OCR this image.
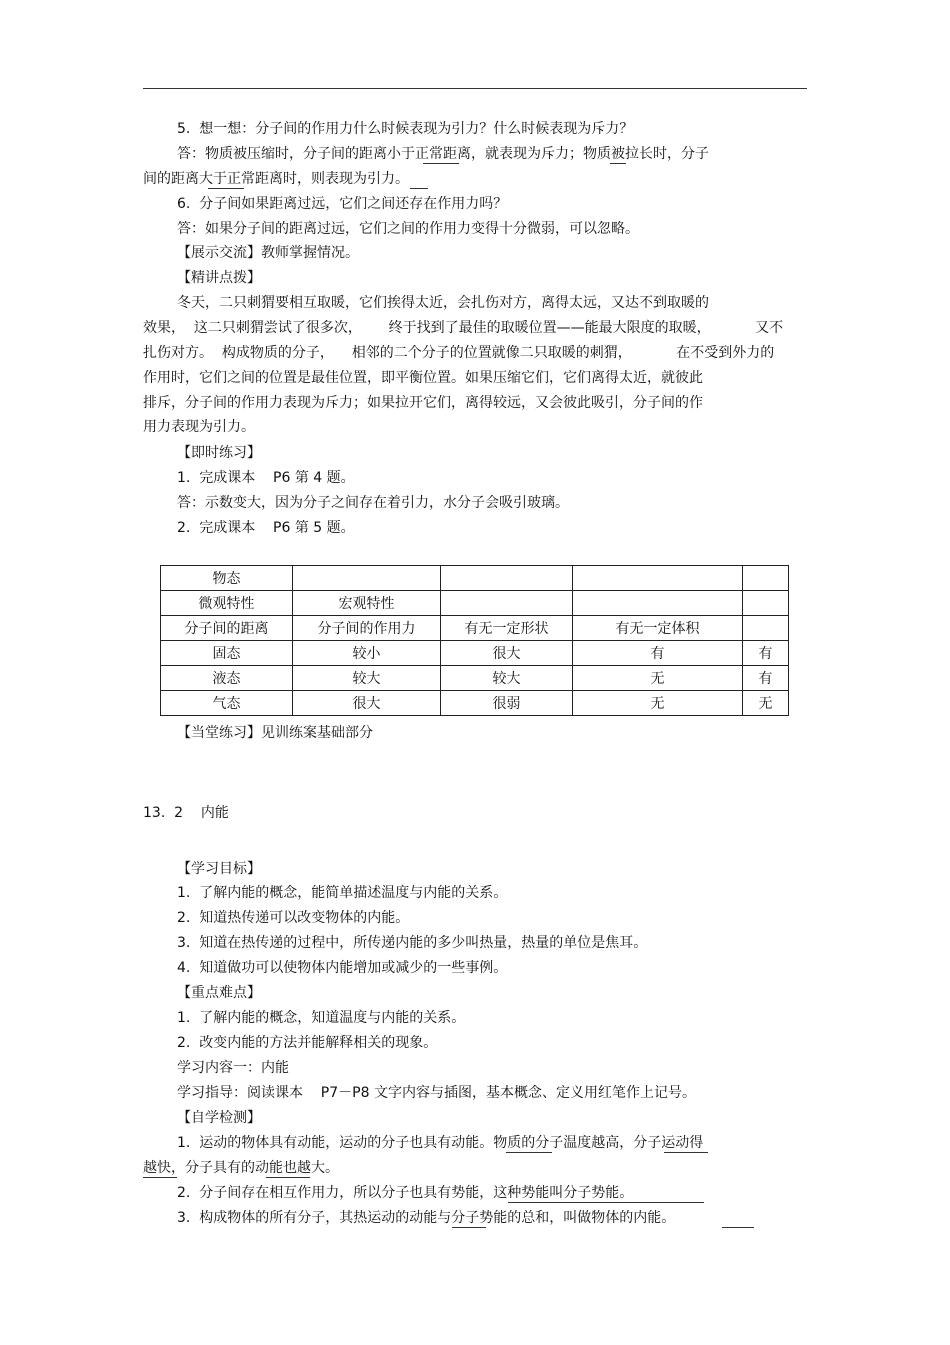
5.  想一想：分子间的作用力什么时候表现为引力？什么时候表现为斥力？
答：物质被压缩时，分子间的距离小于正常距离，就表现为斥力；物质被拉长时，分子
间的距离大于正常距离时，则表现为引力。
6.  分子间如果距离过远，它们之间还存在作用力吗？
答：如果分子间的距离过远，它们之间的作用力变得十分微弱，可以忽略。
【展示交流】教师掌握情况。
【精讲点拨】
冬天，二只刺猬要相互取暖，它们挨得太近，会扎伤对方，离得太远，又达不到取暖的
效果，  这二只刺猬尝试了很多次，      终于找到了最佳的取暖位置——能最大限度的取暖，          又不
扎伤对方。  构成物质的分子，    相邻的二个分子的位置就像二只取暖的刺猬，          在不受到外力的
作用时，它们之间的位置是最佳位置，即平衡位置。如果压缩它们，它们离得太近，就彼此
排斥，分子间的作用力表现为斥力；如果拉开它们，离得较远，又会彼此吸引，分子间的作
用力表现为引力。
【即时练习】
1.  完成课本    P6 第 4 题。
答：示数变大，因为分子之间存在着引力，水分子会吸引玻璃。
2.  完成课本    P6 第 5 题。
物态				
微观特性	宏观特性			
分子间的距离	分子间的作用力	有无一定形状	有无一定体积	
固态	较小	很大	有	有
液态	较大	较大	无	有
气态	很大	很弱	无	无
【当堂练习】见训练案基础部分
13.  2    内能
【学习目标】
1.  了解内能的概念，能简单描述温度与内能的关系。
2.  知道热传递可以改变物体的内能。
3.  知道在热传递的过程中，所传递内能的多少叫热量，热量的单位是焦耳。
4.  知道做功可以使物体内能增加或减少的一些事例。
【重点难点】
1.  了解内能的概念，知道温度与内能的关系。
2.  改变内能的方法并能解释相关的现象。
学习内容一：内能
学习指导：阅读课本    P7－P8 文字内容与插图，基本概念、定义用红笔作上记号。
【自学检测】
1.  运动的物体具有动能，运动的分子也具有动能。物质的分子温度越高，分子运动得
越快，分子具有的动能也越大。
2.  分子间存在相互作用力，所以分子也具有势能，这种势能叫分子势能。
3.  构成物体的所有分子，其热运动的动能与分子势能的总和，叫做物体的内能。
